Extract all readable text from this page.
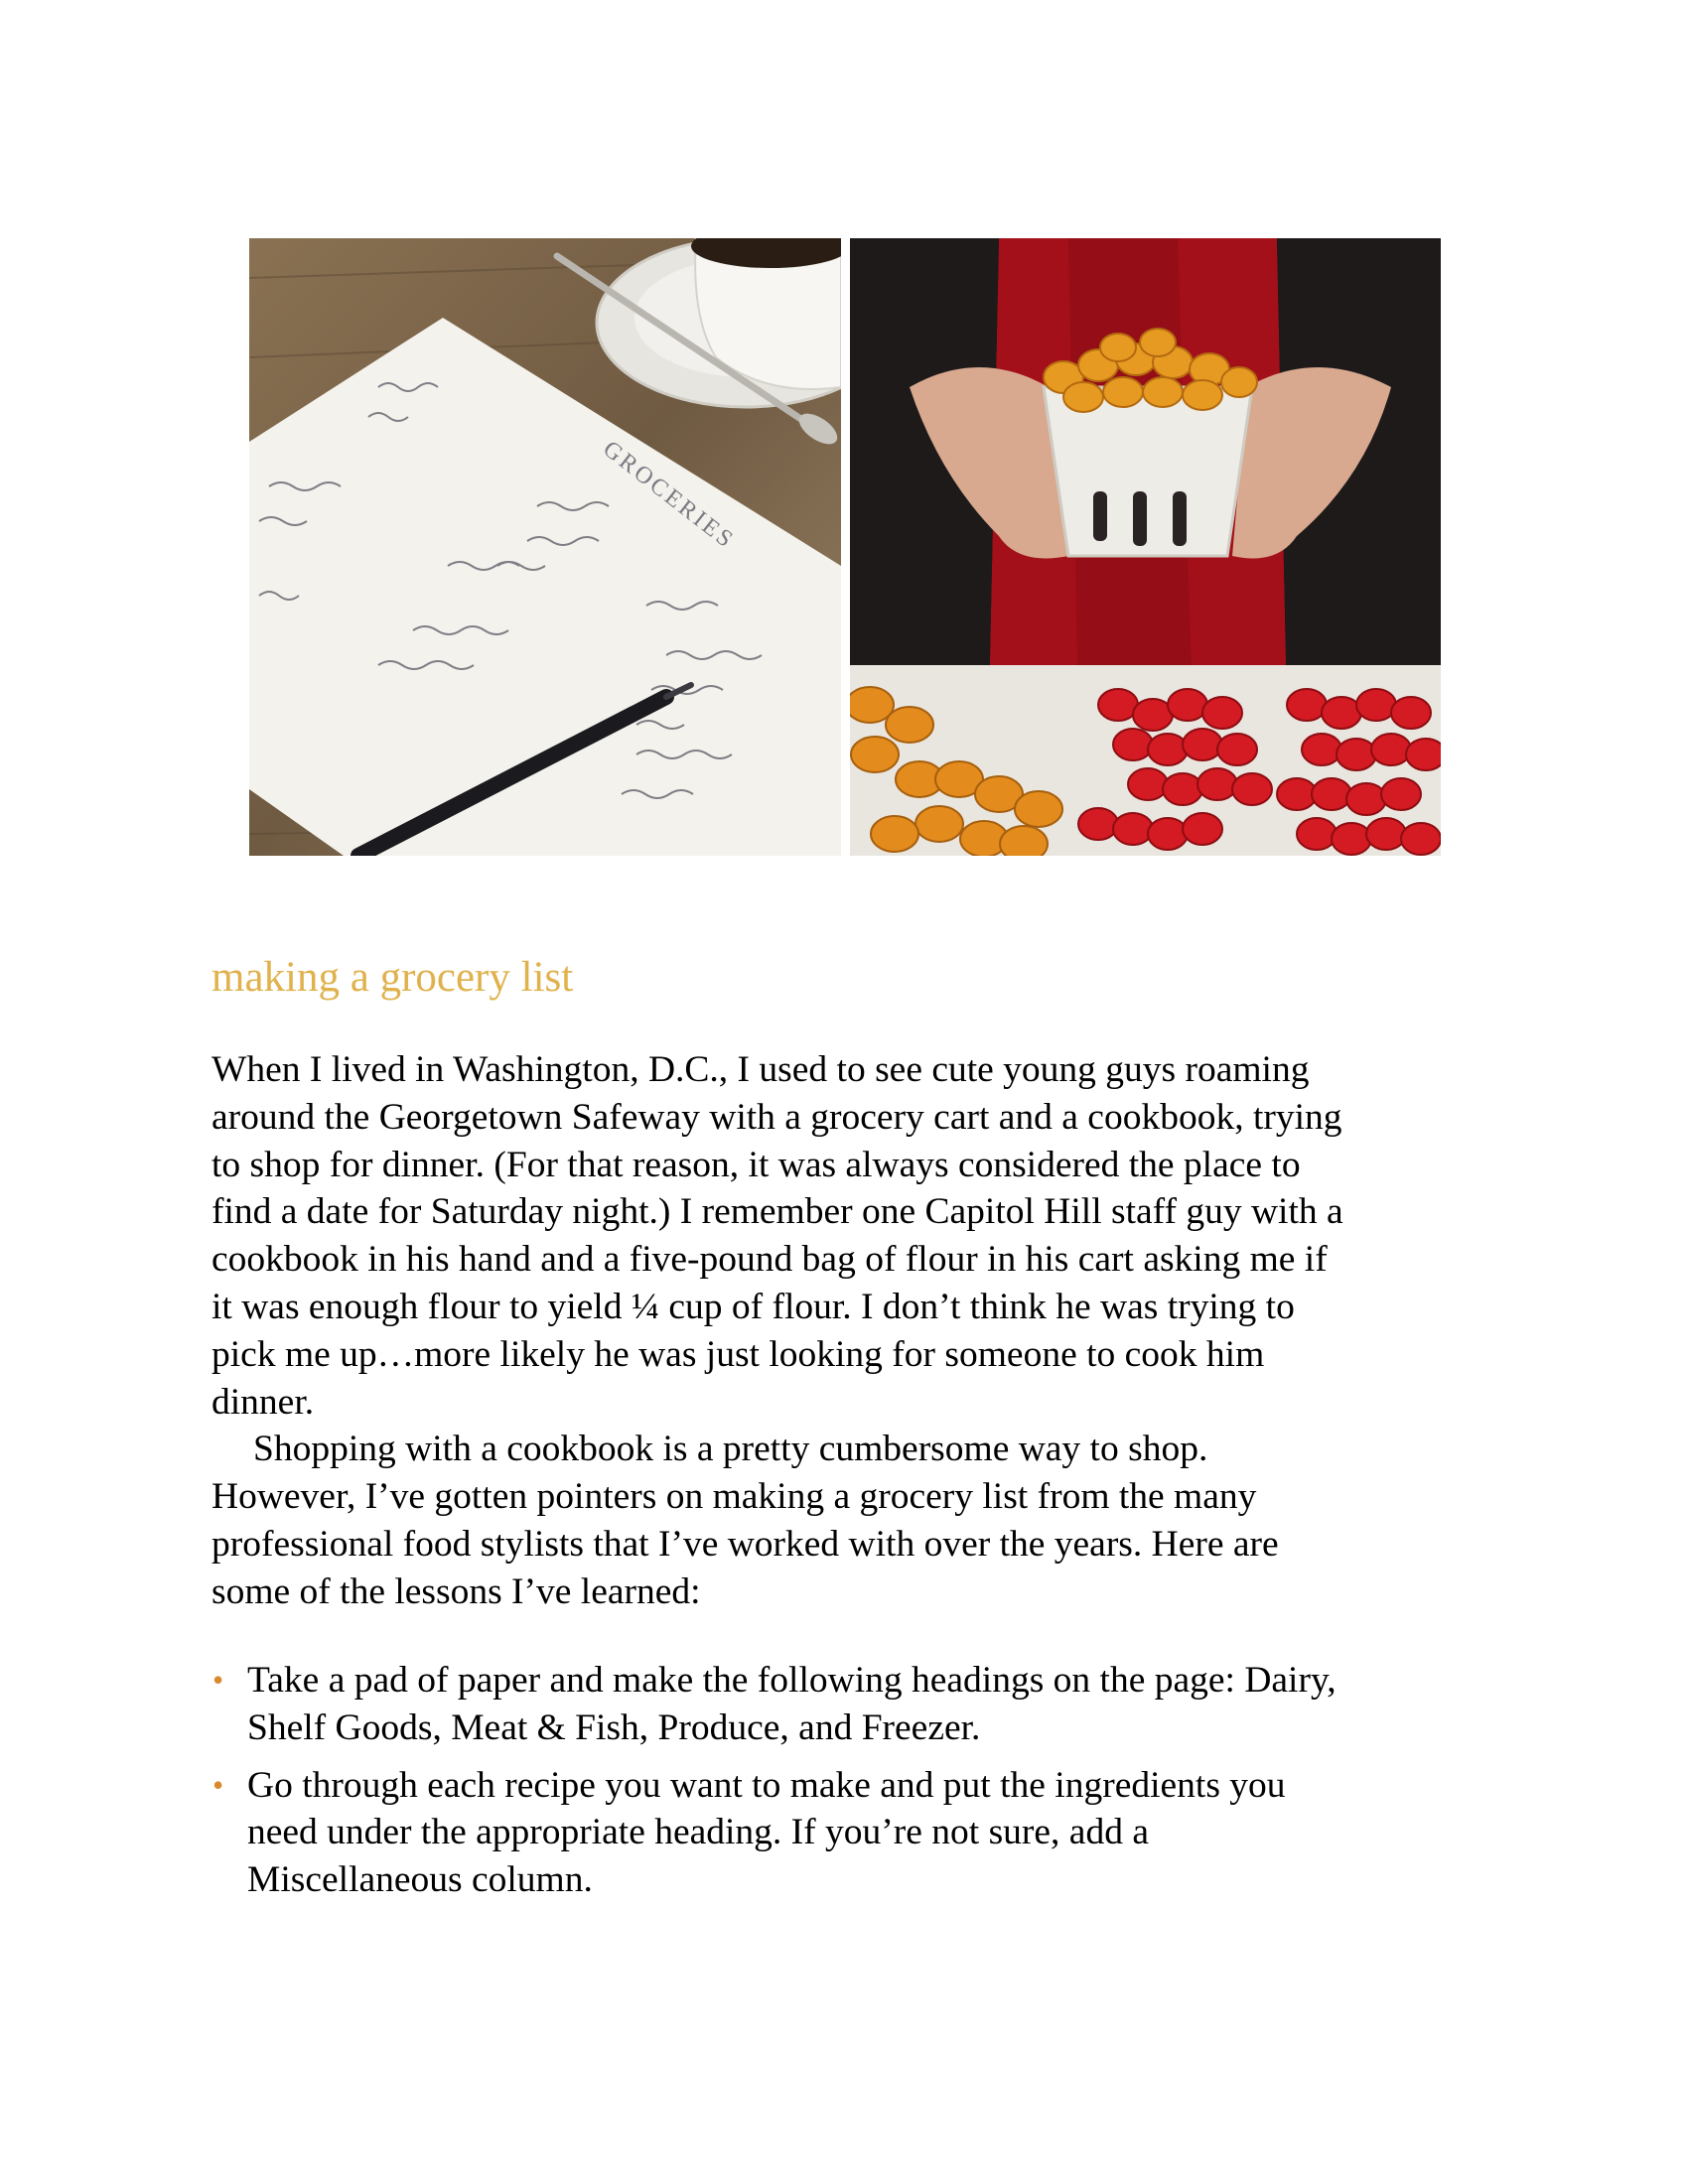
GROCERIES
making a grocery list

When I lived in Washington, D.C., I used to see cute young guys roaming
around the Georgetown Safeway with a grocery cart and a cookbook, trying
to shop for dinner. (For that reason, it was always considered the place to
find a date for Saturday night.) I remember one Capitol Hill staff guy with a
cookbook in his hand and a five-pound bag of flour in his cart asking me if
it was enough flour to yield ¼ cup of flour. I don’t think he was trying to
pick me up…more likely he was just looking for someone to cook him
dinner.

Shopping with a cookbook is a pretty cumbersome way to shop.
However, I’ve gotten pointers on making a grocery list from the many
professional food stylists that I’ve worked with over the years. Here are
some of the lessons I’ve learned:

• Take a pad of paper and make the following headings on the page: Dairy,
Shelf Goods, Meat & Fish, Produce, and Freezer.
• Go through each recipe you want to make and put the ingredients you
need under the appropriate heading. If you’re not sure, add a
Miscellaneous column.
